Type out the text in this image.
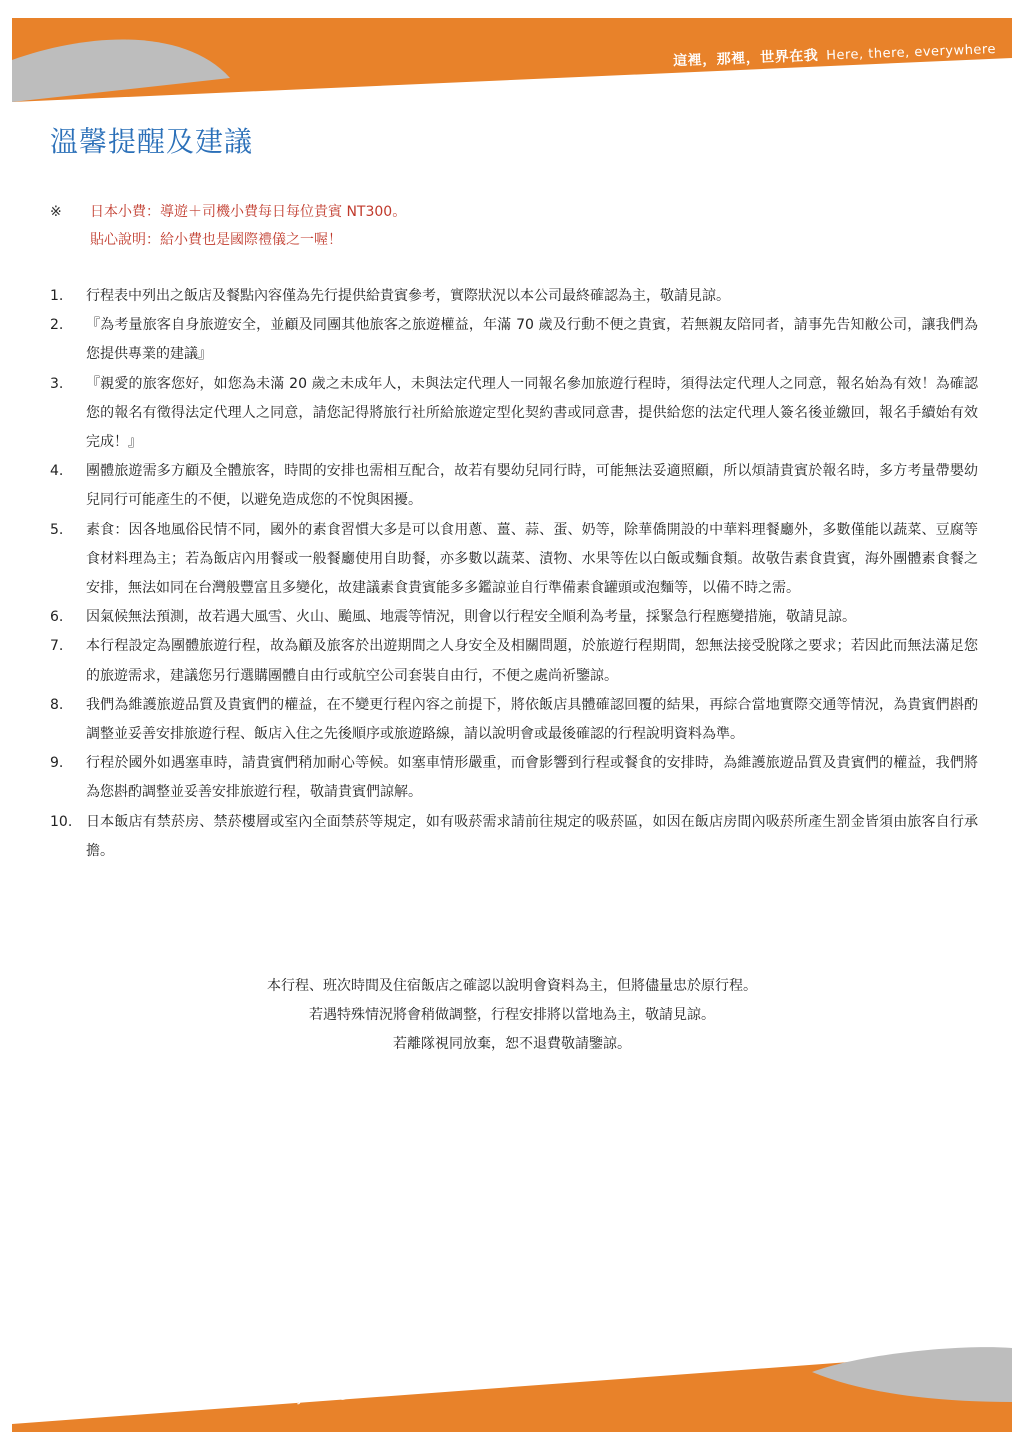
這裡，那裡，世界在我 Here, there, everywhere
溫馨提醒及建議
※	日本小費：導遊＋司機小費每日每位貴賓 NT300。
貼心說明：給小費也是國際禮儀之一喔！
1.	行程表中列出之飯店及餐點內容僅為先行提供給貴賓參考，實際狀況以本公司最終確認為主，敬請見諒。
2.	『為考量旅客自身旅遊安全，並顧及同團其他旅客之旅遊權益，年滿 70 歲及行動不便之貴賓，若無親友陪同者，請事先告知敝公司，讓我們為您提供專業的建議』
3.	『親愛的旅客您好，如您為未滿 20 歲之未成年人，未與法定代理人一同報名參加旅遊行程時，須得法定代理人之同意，報名始為有效！為確認您的報名有徵得法定代理人之同意，請您記得將旅行社所給旅遊定型化契約書或同意書，提供給您的法定代理人簽名後並繳回，報名手續始有效完成！』
4.	團體旅遊需多方顧及全體旅客，時間的安排也需相互配合，故若有嬰幼兒同行時，可能無法妥適照顧，所以煩請貴賓於報名時，多方考量帶嬰幼兒同行可能產生的不便，以避免造成您的不悅與困擾。
5.	素食：因各地風俗民情不同，國外的素食習慣大多是可以食用蔥、薑、蒜、蛋、奶等，除華僑開設的中華料理餐廳外，多數僅能以蔬菜、豆腐等食材料理為主；若為飯店內用餐或一般餐廳使用自助餐，亦多數以蔬菜、漬物、水果等佐以白飯或麵食類。故敬告素食貴賓，海外團體素食餐之安排，無法如同在台灣般豐富且多變化，故建議素食貴賓能多多鑑諒並自行準備素食罐頭或泡麵等，以備不時之需。
6.	因氣候無法預測，故若遇大風雪、火山、颱風、地震等情況，則會以行程安全順利為考量，採緊急行程應變措施，敬請見諒。
7.	本行程設定為團體旅遊行程，故為顧及旅客於出遊期間之人身安全及相關問題，於旅遊行程期間，恕無法接受脫隊之要求；若因此而無法滿足您的旅遊需求，建議您另行選購團體自由行或航空公司套裝自由行，不便之處尚祈鑒諒。
8.	我們為維護旅遊品質及貴賓們的權益，在不變更行程內容之前提下，將依飯店具體確認回覆的結果，再綜合當地實際交通等情況，為貴賓們斟酌調整並妥善安排旅遊行程、飯店入住之先後順序或旅遊路線，請以說明會或最後確認的行程說明資料為準。
9.	行程於國外如遇塞車時，請貴賓們稍加耐心等候。如塞車情形嚴重，而會影響到行程或餐食的安排時，為維護旅遊品質及貴賓們的權益，我們將為您斟酌調整並妥善安排旅遊行程，敬請貴賓們諒解。
10. 日本飯店有禁菸房、禁菸樓層或室內全面禁菸等規定，如有吸菸需求請前往規定的吸菸區，如因在飯店房間內吸菸所產生罰金皆須由旅客自行承擔。
本行程、班次時間及住宿飯店之確認以說明會資料為主，但將儘量忠於原行程。
若遇特殊情況將會稍做調整，行程安排將以當地為主，敬請見諒。
若離隊視同放棄，恕不退費敬請鑒諒。
這裡，那裡，世界在我 Here, there, everywhere
